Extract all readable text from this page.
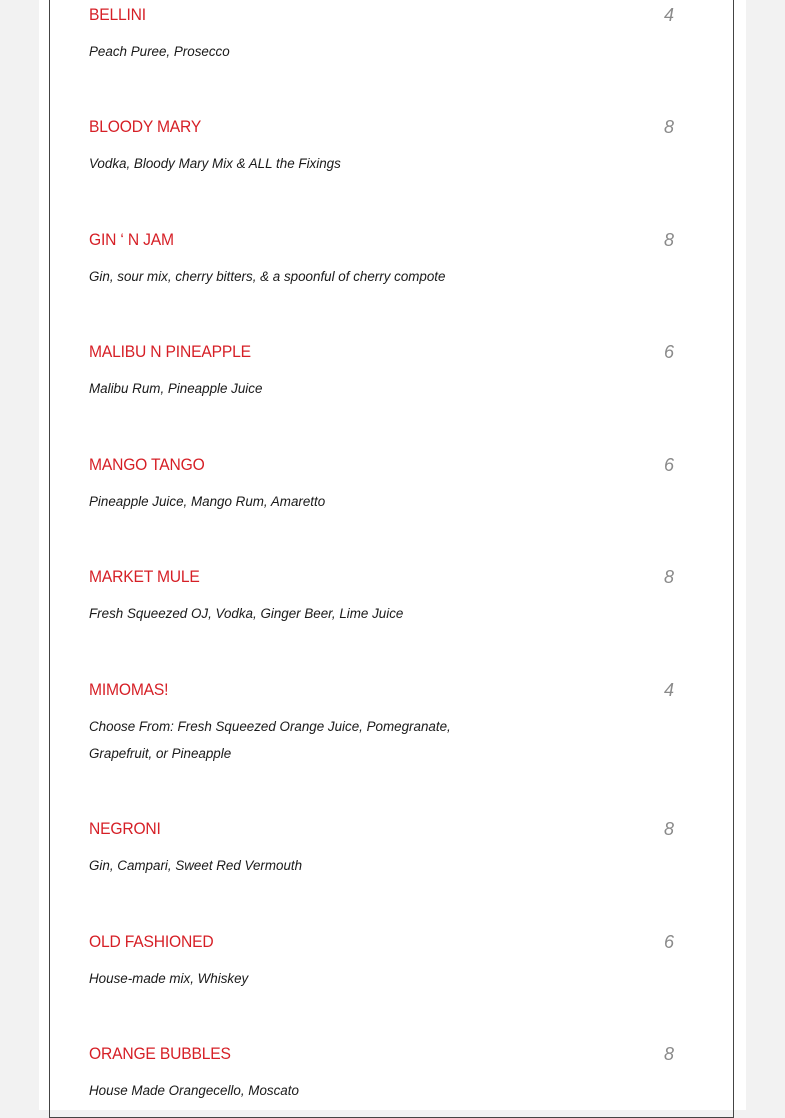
BELLINI	4

Peach Puree, Prosecco

BLOODY MARY	8

Vodka, Bloody Mary Mix & ALL the Fixings

GIN ‘ N JAM	8

Gin, sour mix, cherry bitters, & a spoonful of cherry compote

MALIBU N PINEAPPLE	6

Malibu Rum, Pineapple Juice

MANGO TANGO	6

Pineapple Juice, Mango Rum, Amaretto

MARKET MULE	8

Fresh Squeezed OJ, Vodka, Ginger Beer, Lime Juice

MIMOMAS!	4

Choose From: Fresh Squeezed Orange Juice, Pomegranate, Grapefruit, or Pineapple

NEGRONI	8

Gin, Campari, Sweet Red Vermouth

OLD FASHIONED	6

House-made mix, Whiskey

ORANGE BUBBLES	8

House Made Orangecello, Moscato
